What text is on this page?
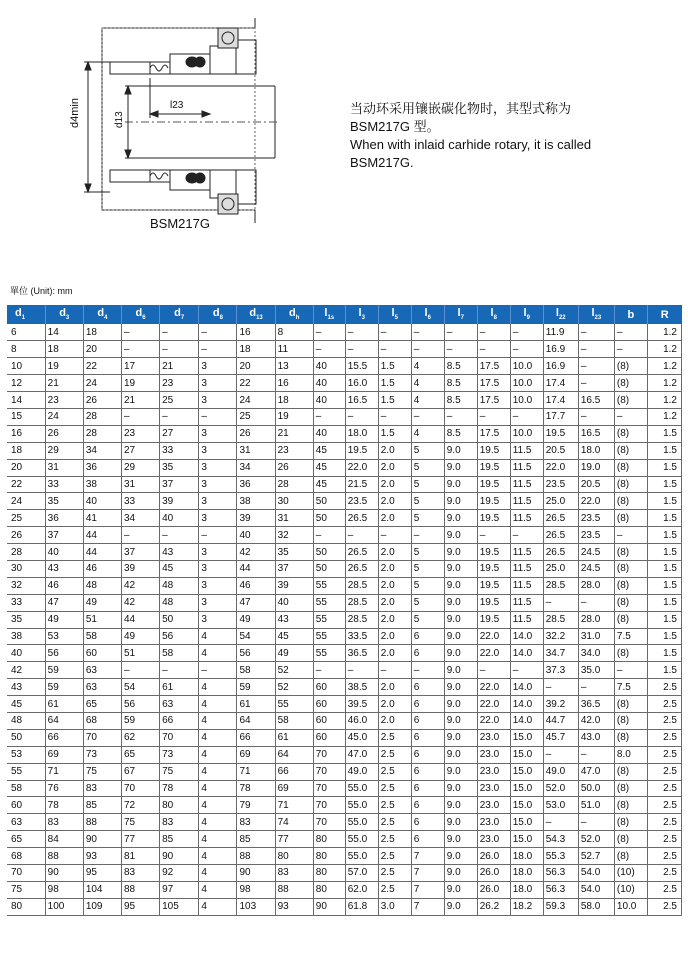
d4min	d13
l23
BSM217G
当动环采用镶嵌碳化物时，其型式称为
BSM217G 型。
When with inlaid carhide rotary, it is called
BSM217G.
單位 (Unit): mm
$d_1$	$d_3$	$d_4$	$d_6$	$d_7$	$d_8$	$d_{13}$	$d_h$	$l_{1s}$	$l_3$	$l_5$	$l_6$	$l_7$	$l_8$	$l_9$	$l_{22}$	$l_{23}$	b	R
6	14	18	–	–	–	16	8	–	–	–	–	–	–	–	11.9	–	–	1.2
8	18	20	–	–	–	18	11	–	–	–	–	–	–	–	16.9	–	–	1.2
10	19	22	17	21	3	20	13	40	15.5	1.5	4	8.5	17.5	10.0	16.9	–	(8)	1.2
12	21	24	19	23	3	22	16	40	16.0	1.5	4	8.5	17.5	10.0	17.4	–	(8)	1.2
14	23	26	21	25	3	24	18	40	16.5	1.5	4	8.5	17.5	10.0	17.4	16.5	(8)	1.2
15	24	28	–	–	–	25	19	–	–	–	–	–	–	–	17.7	–	–	1.2
16	26	28	23	27	3	26	21	40	18.0	1.5	4	8.5	17.5	10.0	19.5	16.5	(8)	1.5
18	29	34	27	33	3	31	23	45	19.5	2.0	5	9.0	19.5	11.5	20.5	18.0	(8)	1.5
20	31	36	29	35	3	34	26	45	22.0	2.0	5	9.0	19.5	11.5	22.0	19.0	(8)	1.5
22	33	38	31	37	3	36	28	45	21.5	2.0	5	9.0	19.5	11.5	23.5	20.5	(8)	1.5
24	35	40	33	39	3	38	30	50	23.5	2.0	5	9.0	19.5	11.5	25.0	22.0	(8)	1.5
25	36	41	34	40	3	39	31	50	26.5	2.0	5	9.0	19.5	11.5	26.5	23.5	(8)	1.5
26	37	44	–	–	–	40	32	–	–	–	–	9.0	–	–	26.5	23.5	–	1.5
28	40	44	37	43	3	42	35	50	26.5	2.0	5	9.0	19.5	11.5	26.5	24.5	(8)	1.5
30	43	46	39	45	3	44	37	50	26.5	2.0	5	9.0	19.5	11.5	25.0	24.5	(8)	1.5
32	46	48	42	48	3	46	39	55	28.5	2.0	5	9.0	19.5	11.5	28.5	28.0	(8)	1.5
33	47	49	42	48	3	47	40	55	28.5	2.0	5	9.0	19.5	11.5	–	–	(8)	1.5
35	49	51	44	50	3	49	43	55	28.5	2.0	5	9.0	19.5	11.5	28.5	28.0	(8)	1.5
38	53	58	49	56	4	54	45	55	33.5	2.0	6	9.0	22.0	14.0	32.2	31.0	7.5	1.5
40	56	60	51	58	4	56	49	55	36.5	2.0	6	9.0	22.0	14.0	34.7	34.0	(8)	1.5
42	59	63	–	–	–	58	52	–	–	–	–	9.0	–	–	37.3	35.0	–	1.5
43	59	63	54	61	4	59	52	60	38.5	2.0	6	9.0	22.0	14.0	–	–	7.5	2.5
45	61	65	56	63	4	61	55	60	39.5	2.0	6	9.0	22.0	14.0	39.2	36.5	(8)	2.5
48	64	68	59	66	4	64	58	60	46.0	2.0	6	9.0	22.0	14.0	44.7	42.0	(8)	2.5
50	66	70	62	70	4	66	61	60	45.0	2.5	6	9.0	23.0	15.0	45.7	43.0	(8)	2.5
53	69	73	65	73	4	69	64	70	47.0	2.5	6	9.0	23.0	15.0	–	–	8.0	2.5
55	71	75	67	75	4	71	66	70	49.0	2.5	6	9.0	23.0	15.0	49.0	47.0	(8)	2.5
58	76	83	70	78	4	78	69	70	55.0	2.5	6	9.0	23.0	15.0	52.0	50.0	(8)	2.5
60	78	85	72	80	4	79	71	70	55.0	2.5	6	9.0	23.0	15.0	53.0	51.0	(8)	2.5
63	83	88	75	83	4	83	74	70	55.0	2.5	6	9.0	23.0	15.0	–	–	(8)	2.5
65	84	90	77	85	4	85	77	80	55.0	2.5	6	9.0	23.0	15.0	54.3	52.0	(8)	2.5
68	88	93	81	90	4	88	80	80	55.0	2.5	7	9.0	26.0	18.0	55.3	52.7	(8)	2.5
70	90	95	83	92	4	90	83	80	57.0	2.5	7	9.0	26.0	18.0	56.3	54.0	(10)	2.5
75	98	104	88	97	4	98	88	80	62.0	2.5	7	9.0	26.0	18.0	56.3	54.0	(10)	2.5
80	100	109	95	105	4	103	93	90	61.8	3.0	7	9.0	26.2	18.2	59.3	58.0	10.0	2.5
